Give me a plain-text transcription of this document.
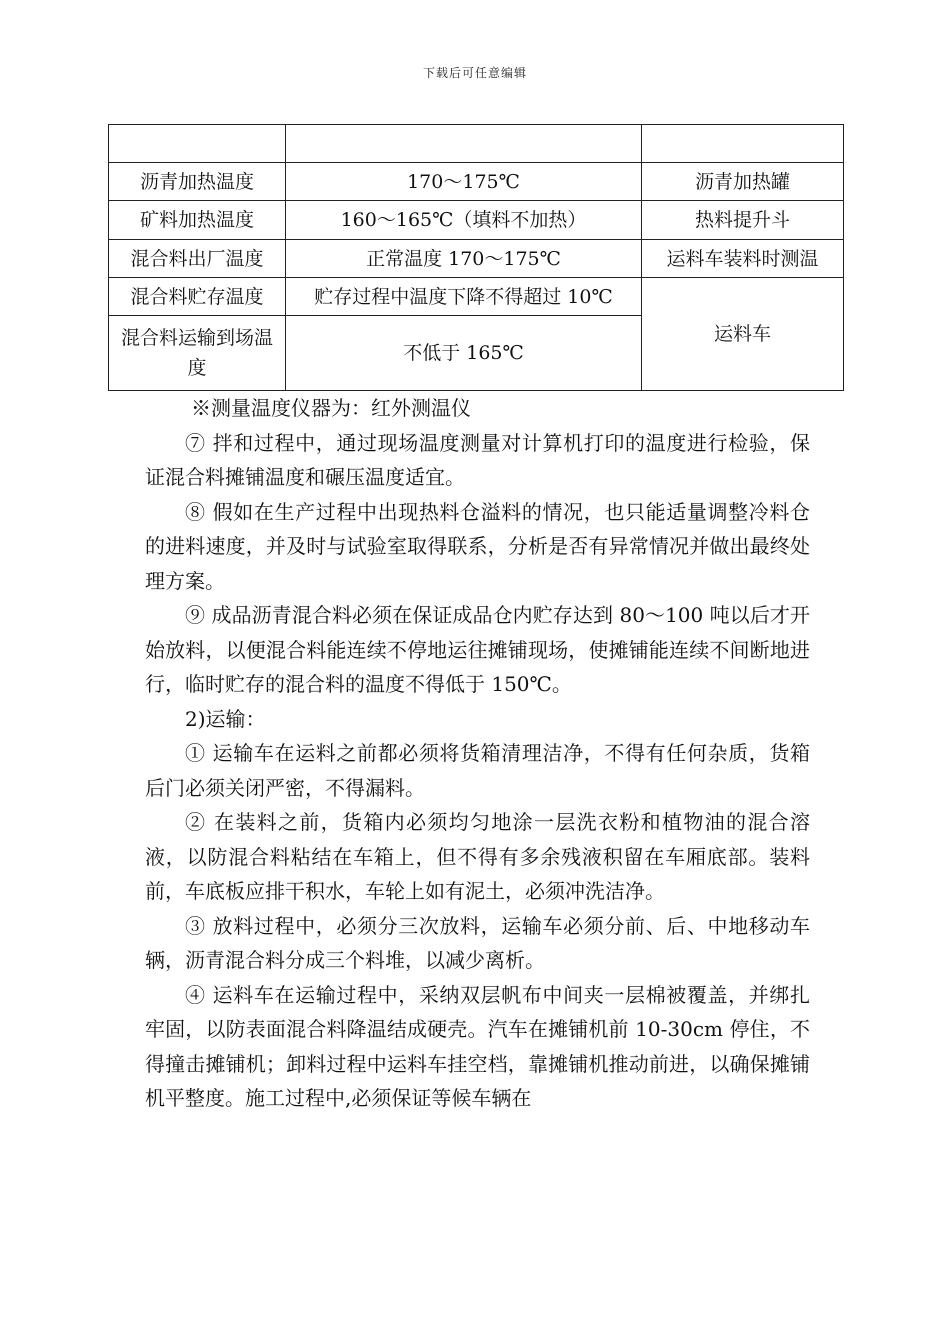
下载后可任意编辑

沥青加热温度	170～175℃	沥青加热罐
矿料加热温度	160～165℃（填料不加热）	热料提升斗
混合料出厂温度	正常温度 170～175℃	运料车装料时测温
混合料贮存温度	贮存过程中温度下降不得超过 10℃	运料车
混合料运输到场温度	不低于 165℃	

※测量温度仪器为：红外测温仪

⑦ 拌和过程中，通过现场温度测量对计算机打印的温度进行检验，保证混合料摊铺温度和碾压温度适宜。

⑧ 假如在生产过程中出现热料仓溢料的情况，也只能适量调整冷料仓的进料速度，并及时与试验室取得联系，分析是否有异常情况并做出最终处理方案。

⑨ 成品沥青混合料必须在保证成品仓内贮存达到 80～100 吨以后才开始放料，以便混合料能连续不停地运往摊铺现场，使摊铺能连续不间断地进行，临时贮存的混合料的温度不得低于 150℃。

2)运输：

① 运输车在运料之前都必须将货箱清理洁净，不得有任何杂质，货箱后门必须关闭严密，不得漏料。

② 在装料之前，货箱内必须均匀地涂一层洗衣粉和植物油的混合溶液，以防混合料粘结在车箱上，但不得有多余残液积留在车厢底部。装料前，车底板应排干积水，车轮上如有泥土，必须冲洗洁净。

③ 放料过程中，必须分三次放料，运输车必须分前、后、中地移动车辆，沥青混合料分成三个料堆，以减少离析。

④ 运料车在运输过程中，采纳双层帆布中间夹一层棉被覆盖，并绑扎牢固，以防表面混合料降温结成硬壳。汽车在摊铺机前 10-30cm 停住，不得撞击摊铺机；卸料过程中运料车挂空档，靠摊铺机推动前进，以确保摊铺机平整度。施工过程中,必须保证等候车辆在
